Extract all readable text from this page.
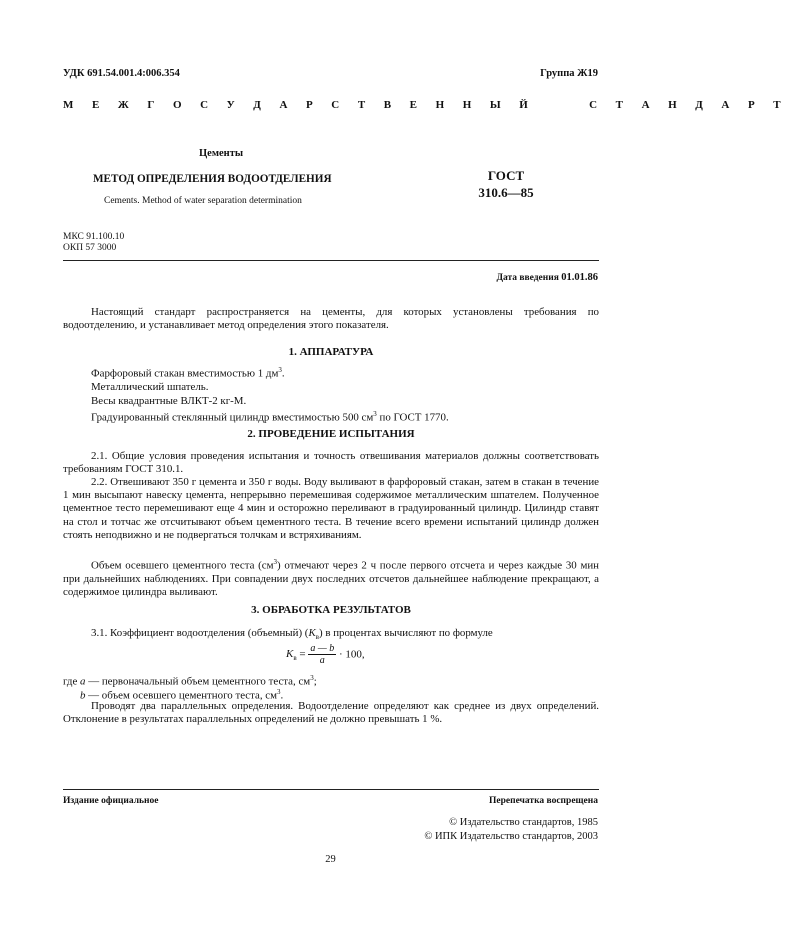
УДК 691.54.001.4:006.354	Группа Ж19
М Е Ж Г О С У Д А Р С Т В Е Н Н Ы Й     С Т А Н Д А Р Т
Цементы
МЕТОД ОПРЕДЕЛЕНИЯ ВОДООТДЕЛЕНИЯ
Cements. Method of water separation determination
ГОСТ
310.6—85
МКС 91.100.10
ОКП 57 3000
Дата введения 01.01.86
Настоящий стандарт распространяется на цементы, для которых установлены требования по водоотделению, и устанавливает метод определения этого показателя.
1. АППАРАТУРА
Фарфоровый стакан вместимостью 1 $дм^3$.
Металлический шпатель.
Весы квадрантные ВЛКТ-2 кг-М.
Градуированный стеклянный цилиндр вместимостью 500 $см^3$ по ГОСТ 1770.
2. ПРОВЕДЕНИЕ ИСПЫТАНИЯ
2.1. Общие условия проведения испытания и точность отвешивания материалов должны соответствовать требованиям ГОСТ 310.1.
2.2. Отвешивают 350 г цемента и 350 г воды. Воду выливают в фарфоровый стакан, затем в стакан в течение 1 мин высыпают навеску цемента, непрерывно перемешивая содержимое металлическим шпателем. Полученное цементное тесто перемешивают еще 4 мин и осторожно переливают в градуированный цилиндр. Цилиндр ставят на стол и тотчас же отсчитывают объем цементного теста. В течение всего времени испытаний цилиндр должен стоять неподвижно и не подвергаться толчкам и встряхиваниям.
Объем осевшего цементного теста $(см^3)$ отмечают через 2 ч после первого отсчета и через каждые 30 мин при дальнейших наблюдениях. При совпадении двух последних отсчетов дальнейшее наблюдение прекращают, а содержимое цилиндра выливают.
3. ОБРАБОТКА РЕЗУЛЬТАТОВ
3.1. Коэффициент водоотделения (объемный) $(К_в)$ в процентах вычисляют по формуле
$К_в = \frac{a — b}{a} \cdot 100$,
где a — первоначальный объем цементного теста, $см^3$;
b — объем осевшего цементного теста, $см^3$.
Проводят два параллельных определения. Водоотделение определяют как среднее из двух определений. Отклонение в результатах параллельных определений не должно превышать 1 %.
Издание официальное	Перепечатка воспрещена
© Издательство стандартов, 1985
© ИПК Издательство стандартов, 2003
29
